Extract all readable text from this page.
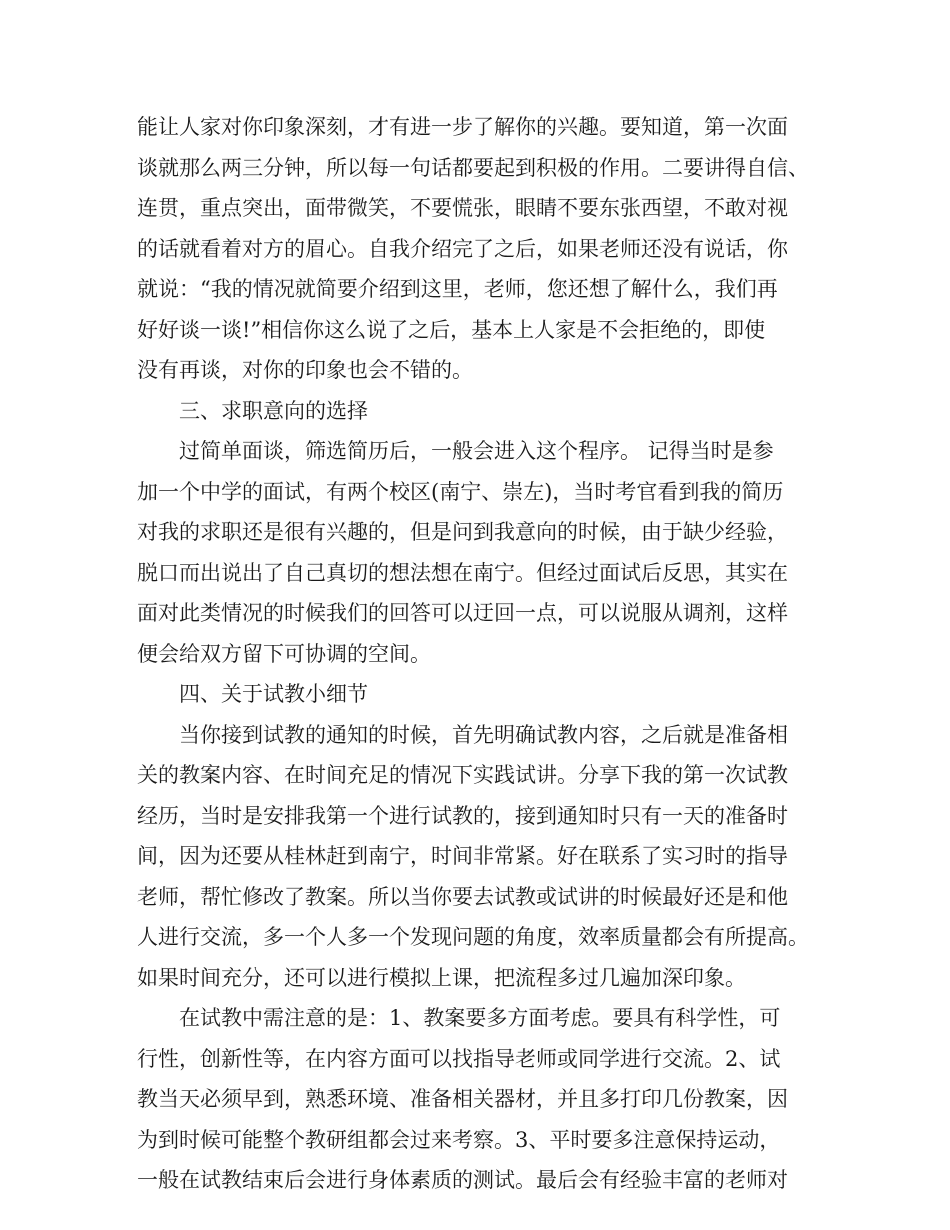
能让人家对你印象深刻，才有进一步了解你的兴趣。要知道，第一次面
谈就那么两三分钟，所以每一句话都要起到积极的作用。二要讲得自信、
连贯，重点突出，面带微笑，不要慌张，眼睛不要东张西望，不敢对视
的话就看着对方的眉心。自我介绍完了之后，如果老师还没有说话，你
就说：“我的情况就简要介绍到这里，老师，您还想了解什么，我们再
好好谈一谈!”相信你这么说了之后，基本上人家是不会拒绝的，即使
没有再谈，对你的印象也会不错的。
三、求职意向的选择
过简单面谈，筛选简历后，一般会进入这个程序。 记得当时是参
加一个中学的面试，有两个校区(南宁、崇左)，当时考官看到我的简历
对我的求职还是很有兴趣的，但是问到我意向的时候，由于缺少经验，
脱口而出说出了自己真切的想法想在南宁。但经过面试后反思，其实在
面对此类情况的时候我们的回答可以迂回一点，可以说服从调剂，这样
便会给双方留下可协调的空间。
四、关于试教小细节
当你接到试教的通知的时候，首先明确试教内容，之后就是准备相
关的教案内容、在时间充足的情况下实践试讲。分享下我的第一次试教
经历，当时是安排我第一个进行试教的，接到通知时只有一天的准备时
间，因为还要从桂林赶到南宁，时间非常紧。好在联系了实习时的指导
老师，帮忙修改了教案。所以当你要去试教或试讲的时候最好还是和他
人进行交流，多一个人多一个发现问题的角度，效率质量都会有所提高。
如果时间充分，还可以进行模拟上课，把流程多过几遍加深印象。
在试教中需注意的是：1、教案要多方面考虑。要具有科学性，可
行性，创新性等，在内容方面可以找指导老师或同学进行交流。2、试
教当天必须早到，熟悉环境、准备相关器材，并且多打印几份教案，因
为到时候可能整个教研组都会过来考察。3、平时要多注意保持运动，
一般在试教结束后会进行身体素质的测试。最后会有经验丰富的老师对
